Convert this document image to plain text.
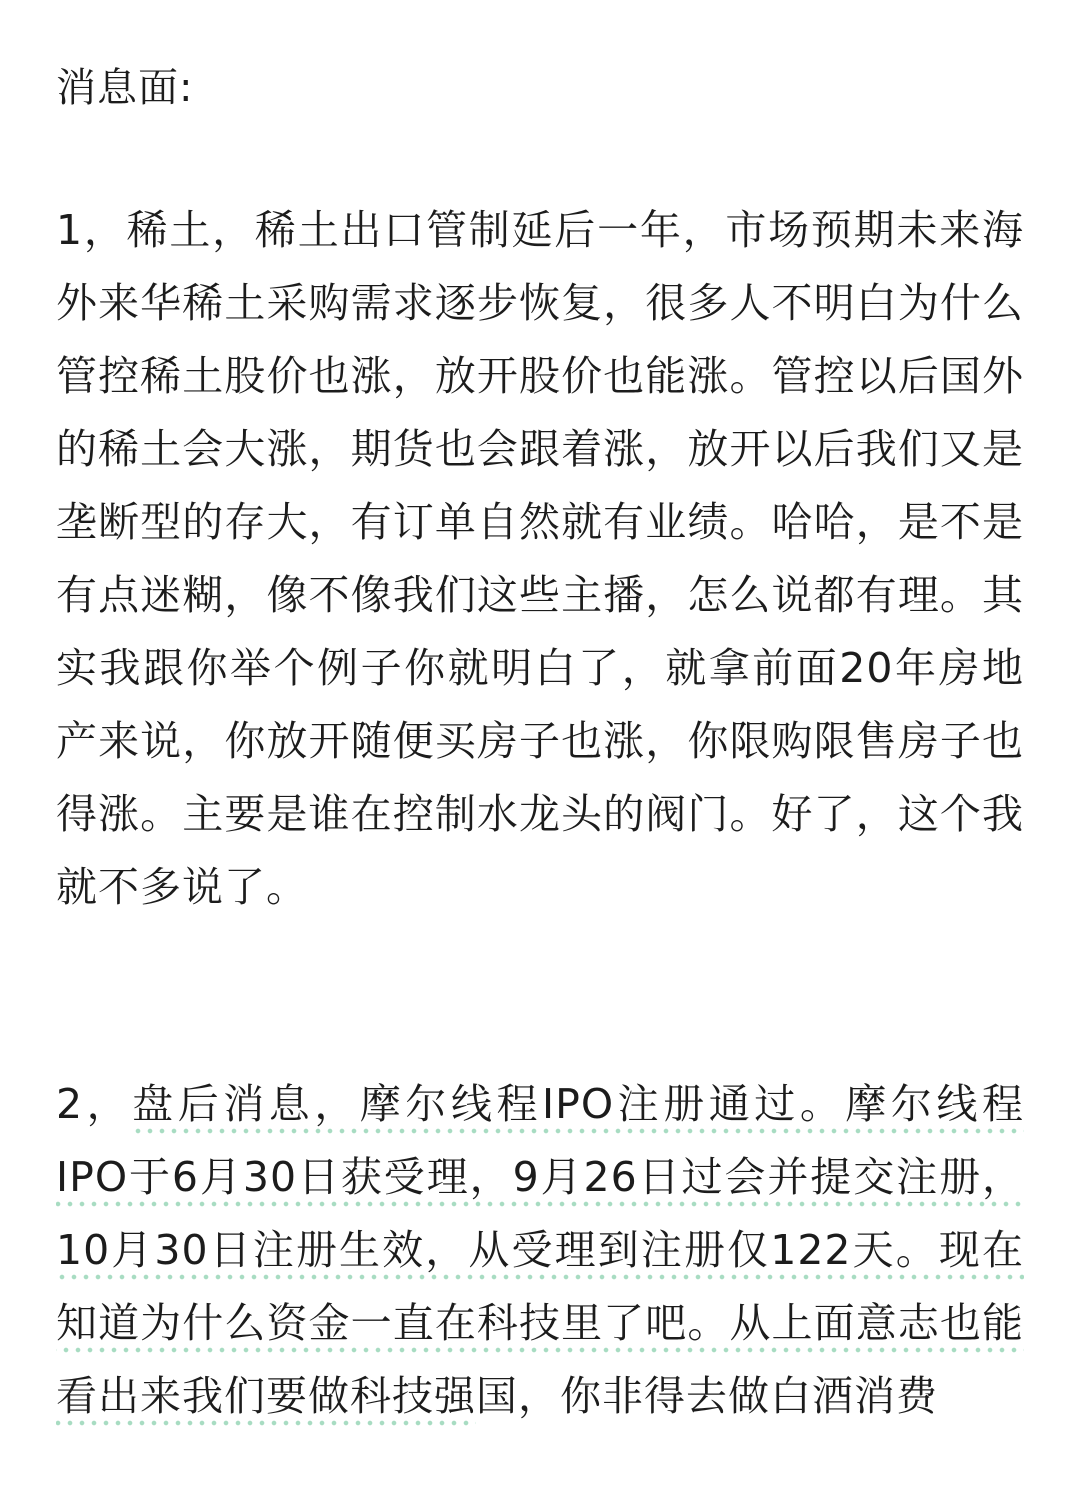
消息面:

1，稀土，稀土出口管制延后一年，市场预期未来海外来华稀土采购需求逐步恢复，很多人不明白为什么管控稀土股价也涨，放开股价也能涨。管控以后国外的稀土会大涨，期货也会跟着涨，放开以后我们又是垄断型的存大，有订单自然就有业绩。哈哈，是不是有点迷糊，像不像我们这些主播，怎么说都有理。其实我跟你举个例子你就明白了，就拿前面20年房地产来说，你放开随便买房子也涨，你限购限售房子也得涨。主要是谁在控制水龙头的阀门。好了，这个我就不多说了。

2，盘后消息，摩尔线程IPO注册通过。摩尔线程IPO于6月30日获受理，9月26日过会并提交注册，10月30日注册生效，从受理到注册仅122天。现在知道为什么资金一直在科技里了吧。从上面意志也能看出来我们要做科技强国，你非得去做白酒消费
